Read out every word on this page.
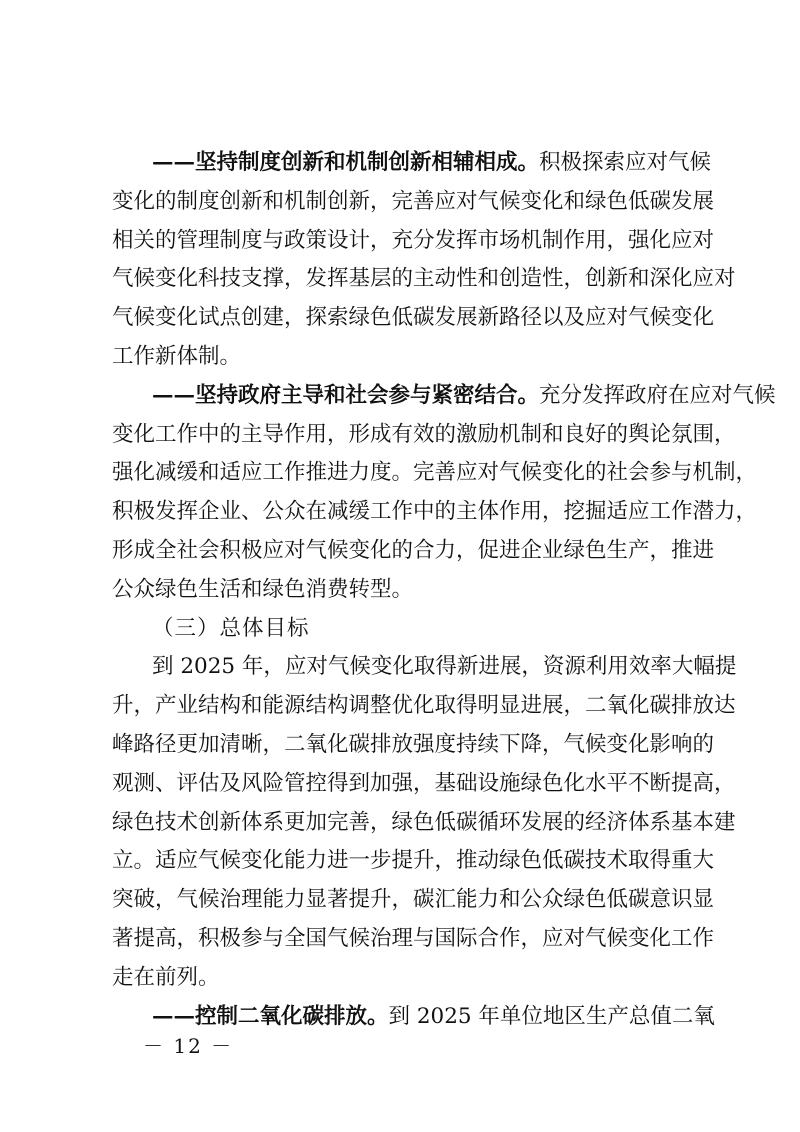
——坚持制度创新和机制创新相辅相成。积极探索应对气候
变化的制度创新和机制创新，完善应对气候变化和绿色低碳发展
相关的管理制度与政策设计，充分发挥市场机制作用，强化应对
气候变化科技支撑，发挥基层的主动性和创造性，创新和深化应对
气候变化试点创建，探索绿色低碳发展新路径以及应对气候变化
工作新体制。
——坚持政府主导和社会参与紧密结合。充分发挥政府在应对气候
变化工作中的主导作用，形成有效的激励机制和良好的舆论氛围，
强化减缓和适应工作推进力度。完善应对气候变化的社会参与机制，
积极发挥企业、公众在减缓工作中的主体作用，挖掘适应工作潜力，
形成全社会积极应对气候变化的合力，促进企业绿色生产，推进
公众绿色生活和绿色消费转型。
（三）总体目标
到 2025 年，应对气候变化取得新进展，资源利用效率大幅提
升，产业结构和能源结构调整优化取得明显进展，二氧化碳排放达
峰路径更加清晰，二氧化碳排放强度持续下降，气候变化影响的
观测、评估及风险管控得到加强，基础设施绿色化水平不断提高，
绿色技术创新体系更加完善，绿色低碳循环发展的经济体系基本建
立。适应气候变化能力进一步提升，推动绿色低碳技术取得重大
突破，气候治理能力显著提升，碳汇能力和公众绿色低碳意识显
著提高，积极参与全国气候治理与国际合作，应对气候变化工作
走在前列。
——控制二氧化碳排放。到 2025 年单位地区生产总值二氧
－ 12 －
